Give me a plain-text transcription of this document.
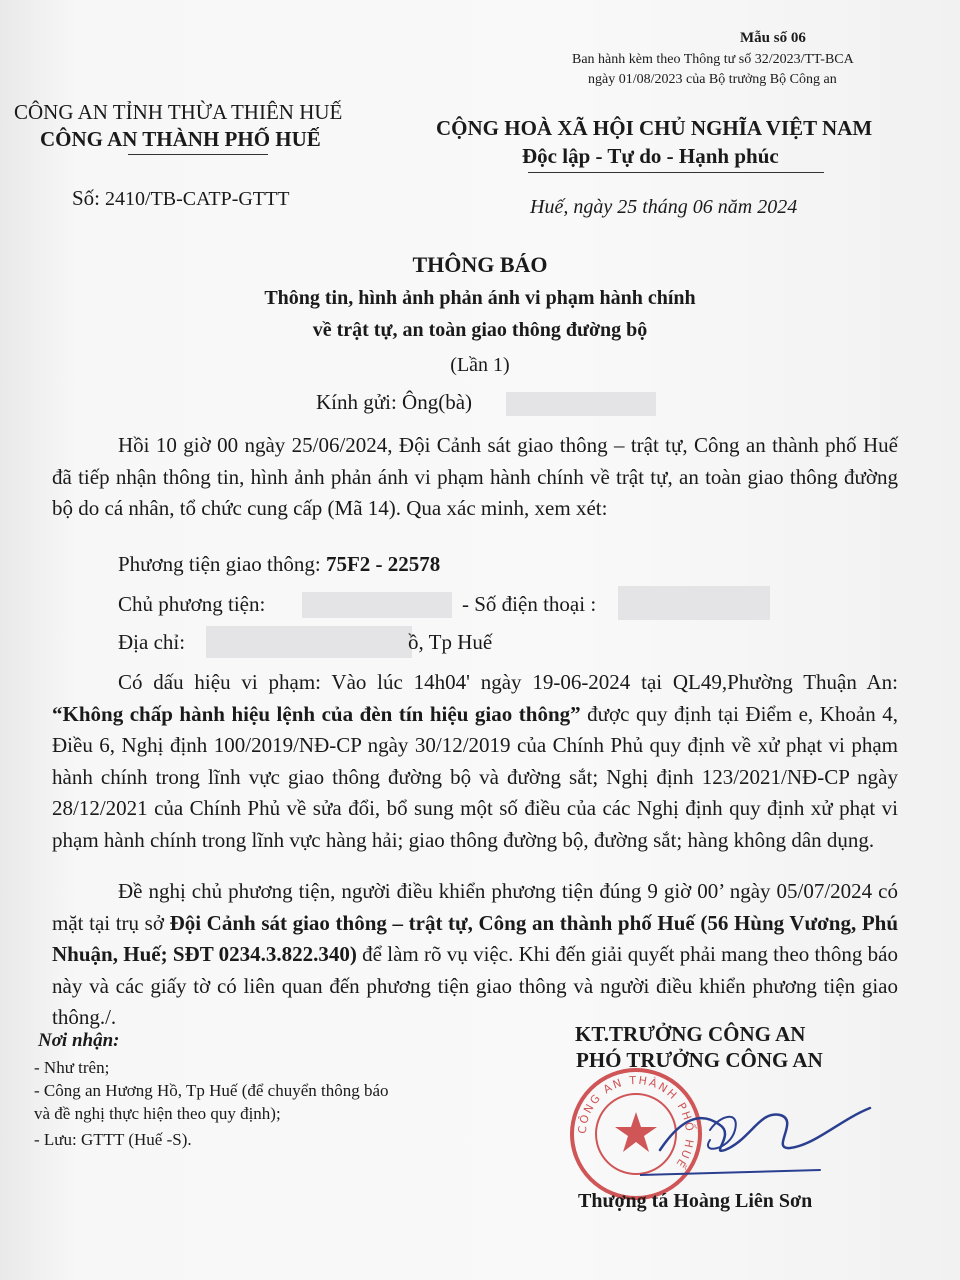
Mẫu số 06
Ban hành kèm theo Thông tư số 32/2023/TT-BCA
ngày 01/08/2023 của Bộ trưởng Bộ Công an
CÔNG AN TỈNH THỪA THIÊN HUẾ
CÔNG AN THÀNH PHỐ HUẾ
Số: 2410/TB-CATP-GTTT
CỘNG HOÀ XÃ HỘI CHỦ NGHĨA VIỆT NAM
Độc lập - Tự do - Hạnh phúc
Huế, ngày 25 tháng 06 năm 2024
THÔNG BÁO
Thông tin, hình ảnh phản ánh vi phạm hành chính
về trật tự, an toàn giao thông đường bộ
(Lần 1)
Kính gửi: Ông(bà)
Hồi 10 giờ 00 ngày 25/06/2024, Đội Cảnh sát giao thông – trật tự, Công an thành phố Huế đã tiếp nhận thông tin, hình ảnh phản ánh vi phạm hành chính về trật tự, an toàn giao thông đường bộ do cá nhân, tổ chức cung cấp (Mã 14). Qua xác minh, xem xét:
Phương tiện giao thông: 75F2 - 22578
Chủ phương tiện:	- Số điện thoại :
Địa chỉ:	ồ, Tp Huế
Có dấu hiệu vi phạm: Vào lúc 14h04' ngày 19-06-2024 tại QL49,Phường Thuận An: “Không chấp hành hiệu lệnh của đèn tín hiệu giao thông” được quy định tại Điểm e, Khoản 4, Điều 6, Nghị định 100/2019/NĐ-CP ngày 30/12/2019 của Chính Phủ quy định về xử phạt vi phạm hành chính trong lĩnh vực giao thông đường bộ và đường sắt; Nghị định 123/2021/NĐ-CP ngày 28/12/2021 của Chính Phủ về sửa đổi, bổ sung một số điều của các Nghị định quy định xử phạt vi phạm hành chính trong lĩnh vực hàng hải; giao thông đường bộ, đường sắt; hàng không dân dụng.
Đề nghị chủ phương tiện, người điều khiển phương tiện đúng 9 giờ 00’ ngày 05/07/2024 có mặt tại trụ sở Đội Cảnh sát giao thông – trật tự, Công an thành phố Huế (56 Hùng Vương, Phú Nhuận, Huế; SĐT 0234.3.822.340) để làm rõ vụ việc. Khi đến giải quyết phải mang theo thông báo này và các giấy tờ có liên quan đến phương tiện giao thông và người điều khiển phương tiện giao thông./.
Nơi nhận:
- Như trên;
- Công an Hương Hồ, Tp Huế (để chuyển thông báo
và đề nghị thực hiện theo quy định);
- Lưu: GTTT (Huế -S).
KT.TRƯỞNG CÔNG AN
PHÓ TRƯỞNG CÔNG AN
CÔNG AN THÀNH PHỐ HUẾ
Thượng tá Hoàng Liên Sơn
